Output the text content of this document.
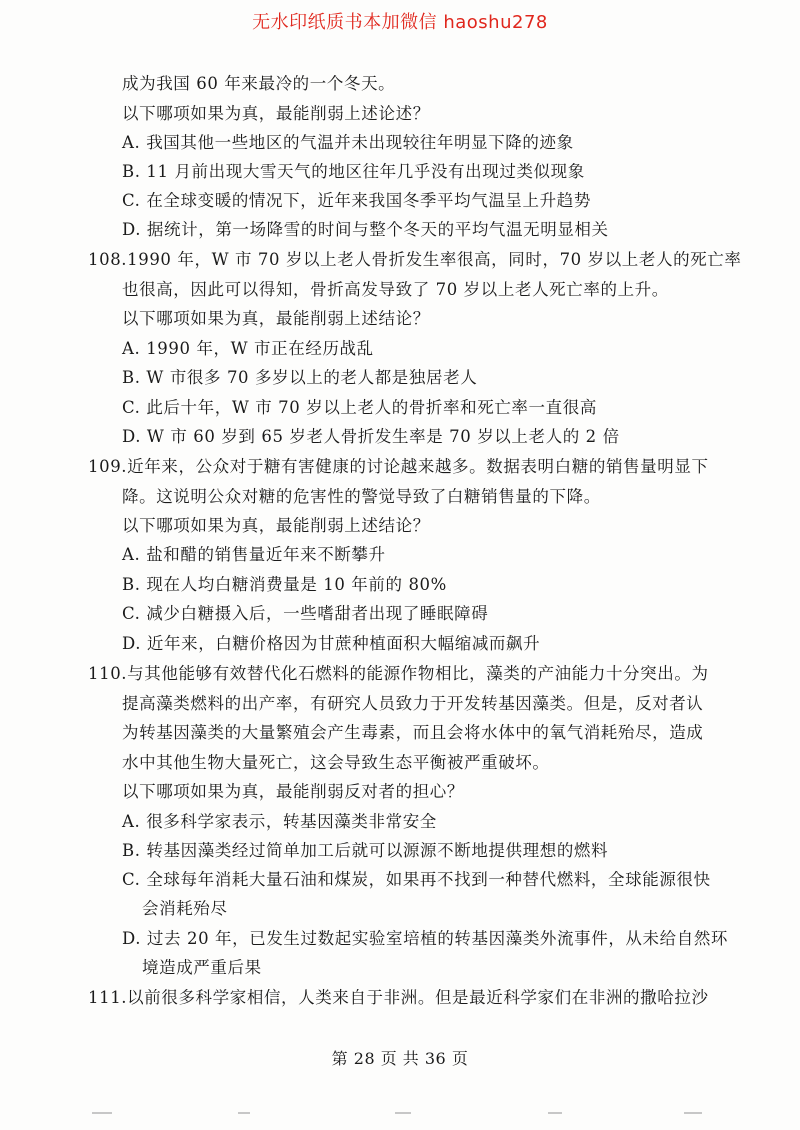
无水印纸质书本加微信 haoshu278
成为我国 60 年来最冷的一个冬天。
以下哪项如果为真，最能削弱上述论述？
A. 我国其他一些地区的气温并未出现较往年明显下降的迹象
B. 11 月前出现大雪天气的地区往年几乎没有出现过类似现象
C. 在全球变暖的情况下，近年来我国冬季平均气温呈上升趋势
D. 据统计，第一场降雪的时间与整个冬天的平均气温无明显相关
108.1990 年，W 市 70 岁以上老人骨折发生率很高，同时，70 岁以上老人的死亡率
也很高，因此可以得知，骨折高发导致了 70 岁以上老人死亡率的上升。
以下哪项如果为真，最能削弱上述结论？
A. 1990 年，W 市正在经历战乱
B. W 市很多 70 多岁以上的老人都是独居老人
C. 此后十年，W 市 70 岁以上老人的骨折率和死亡率一直很高
D. W 市 60 岁到 65 岁老人骨折发生率是 70 岁以上老人的 2 倍
109.近年来，公众对于糖有害健康的讨论越来越多。数据表明白糖的销售量明显下
降。这说明公众对糖的危害性的警觉导致了白糖销售量的下降。
以下哪项如果为真，最能削弱上述结论？
A. 盐和醋的销售量近年来不断攀升
B. 现在人均白糖消费量是 10 年前的 80%
C. 减少白糖摄入后，一些嗜甜者出现了睡眠障碍
D. 近年来，白糖价格因为甘蔗种植面积大幅缩减而飙升
110.与其他能够有效替代化石燃料的能源作物相比，藻类的产油能力十分突出。为
提高藻类燃料的出产率，有研究人员致力于开发转基因藻类。但是，反对者认
为转基因藻类的大量繁殖会产生毒素，而且会将水体中的氧气消耗殆尽，造成
水中其他生物大量死亡，这会导致生态平衡被严重破坏。
以下哪项如果为真，最能削弱反对者的担心？
A. 很多科学家表示，转基因藻类非常安全
B. 转基因藻类经过简单加工后就可以源源不断地提供理想的燃料
C. 全球每年消耗大量石油和煤炭，如果再不找到一种替代燃料，全球能源很快
会消耗殆尽
D. 过去 20 年，已发生过数起实验室培植的转基因藻类外流事件，从未给自然环
境造成严重后果
111.以前很多科学家相信，人类来自于非洲。但是最近科学家们在非洲的撒哈拉沙
第 28 页 共 36 页
